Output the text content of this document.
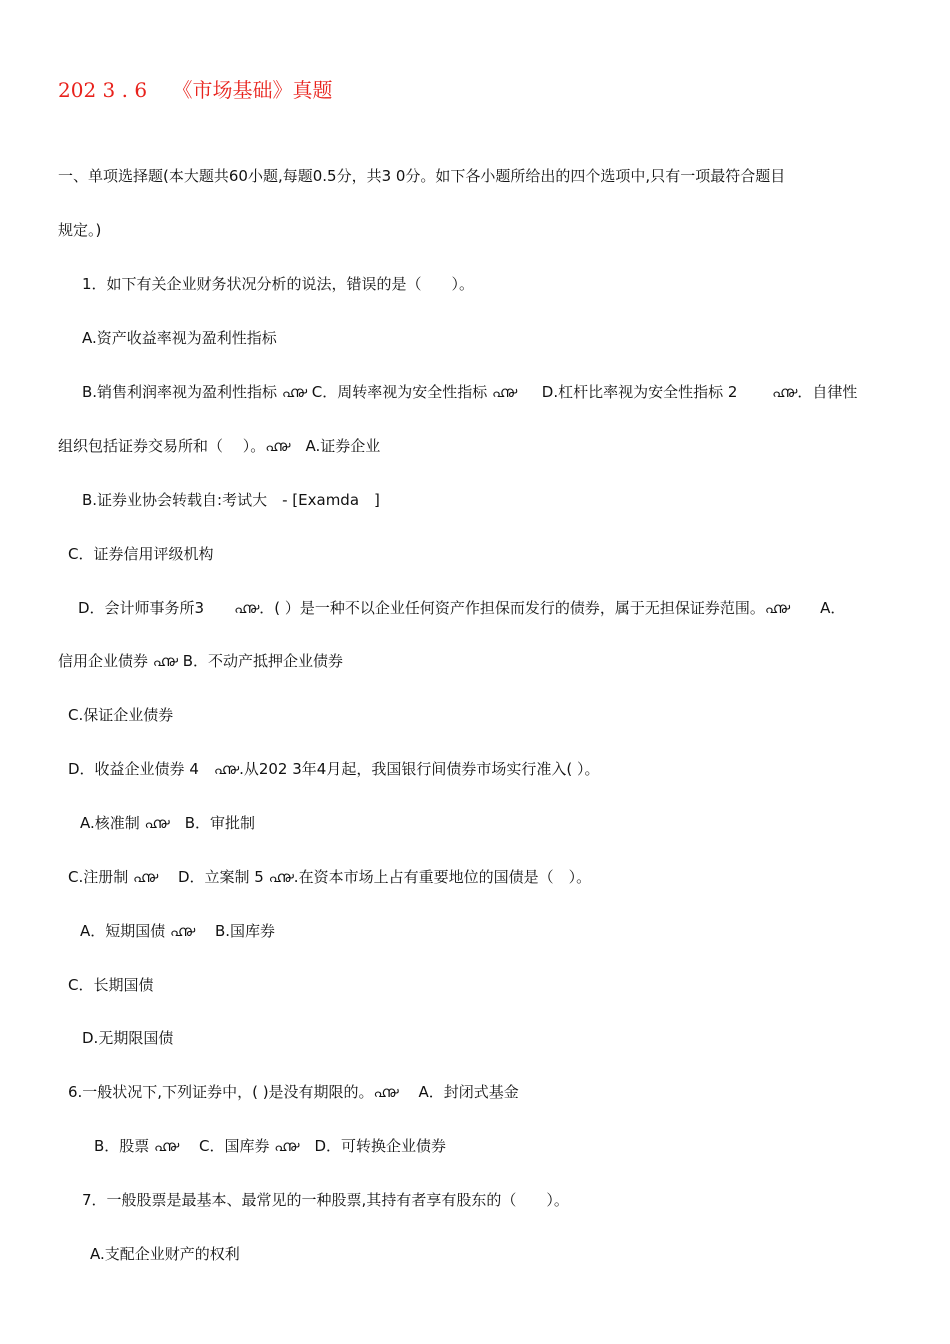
202 3 . 6    《市场基础》真题
一、单项选择题(本大题共60小题,每题0.5分，共3 0分。如下各小题所给出的四个选项中,只有一项最符合题目
规定。)
1．如下有关企业财务状况分析的说法，错误的是（　　）。
A.资产收益率视为盈利性指标
B.销售利润率视为盈利性指标 ൷ C．周转率视为安全性指标 ൷ 　 D.杠杆比率视为安全性指标 2　　 ൷．自律性
组织包括证券交易所和（　 ）。൷　A.证券企业
B.证券业协会转载自:考试大　- [Examda　]
C．证券信用评级机构
D．会计师事务所3　　൷．( ）是一种不以企业任何资产作担保而发行的债券，属于无担保证券范围。൷　　A．
信用企业债券 ൷ B．不动产抵押企业债券
C.保证企业债券
D．收益企业债券 4　൷.从202 3年4月起，我国银行间债券市场实行准入( ）。
A.核准制 ൷　B．审批制
C.注册制 ൷　 D．立案制 5 ൷.在资本市场上占有重要地位的国债是（　）。
A．短期国债 ൷　 B.国库券
C．长期国债
D.无期限国债
6.一般状况下,下列证券中，( )是没有期限的。൷　 A．封闭式基金
B．股票 ൷　 C．国库券 ൷　D．可转换企业债券
7．一般股票是最基本、最常见的一种股票,其持有者享有股东的（　　）。
A.支配企业财产的权利
